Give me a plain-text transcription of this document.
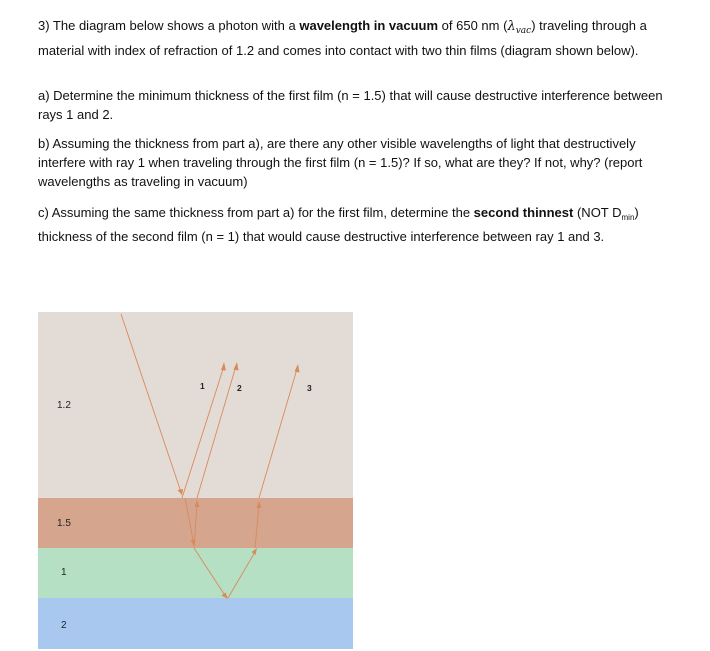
3) The diagram below shows a photon with a wavelength in vacuum of 650 nm $(\lambda_{vac})$ traveling through a material with index of refraction of 1.2 and comes into contact with two thin films (diagram shown below).

a) Determine the minimum thickness of the first film (n = 1.5) that will cause destructive interference between rays 1 and 2.

b) Assuming the thickness from part a), are there any other visible wavelengths of light that destructively interfere with ray 1 when traveling through the first film (n = 1.5)? If so, what are they? If not, why? (report wavelengths as traveling in vacuum)

c) Assuming the same thickness from part a) for the first film, determine the second thinnest (NOT $D_{min}$) thickness of the second film (n = 1) that would cause destructive interference between ray 1 and 3.

1.2
1.5
1
2
1	2	3
